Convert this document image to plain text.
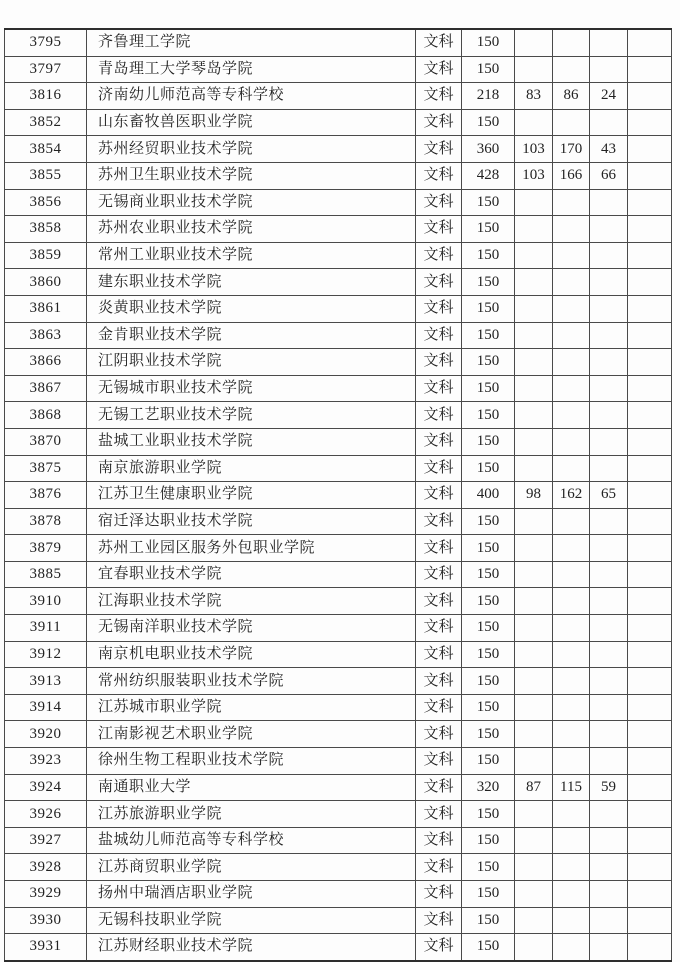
3795	齐鲁理工学院	文科	150				
3797	青岛理工大学琴岛学院	文科	150				
3816	济南幼儿师范高等专科学校	文科	218	83	86	24	
3852	山东畜牧兽医职业学院	文科	150				
3854	苏州经贸职业技术学院	文科	360	103	170	43	
3855	苏州卫生职业技术学院	文科	428	103	166	66	
3856	无锡商业职业技术学院	文科	150				
3858	苏州农业职业技术学院	文科	150				
3859	常州工业职业技术学院	文科	150				
3860	建东职业技术学院	文科	150				
3861	炎黄职业技术学院	文科	150				
3863	金肯职业技术学院	文科	150				
3866	江阴职业技术学院	文科	150				
3867	无锡城市职业技术学院	文科	150				
3868	无锡工艺职业技术学院	文科	150				
3870	盐城工业职业技术学院	文科	150				
3875	南京旅游职业学院	文科	150				
3876	江苏卫生健康职业学院	文科	400	98	162	65	
3878	宿迁泽达职业技术学院	文科	150				
3879	苏州工业园区服务外包职业学院	文科	150				
3885	宜春职业技术学院	文科	150				
3910	江海职业技术学院	文科	150				
3911	无锡南洋职业技术学院	文科	150				
3912	南京机电职业技术学院	文科	150				
3913	常州纺织服装职业技术学院	文科	150				
3914	江苏城市职业学院	文科	150				
3920	江南影视艺术职业学院	文科	150				
3923	徐州生物工程职业技术学院	文科	150				
3924	南通职业大学	文科	320	87	115	59	
3926	江苏旅游职业学院	文科	150				
3927	盐城幼儿师范高等专科学校	文科	150				
3928	江苏商贸职业学院	文科	150				
3929	扬州中瑞酒店职业学院	文科	150				
3930	无锡科技职业学院	文科	150				
3931	江苏财经职业技术学院	文科	150				
